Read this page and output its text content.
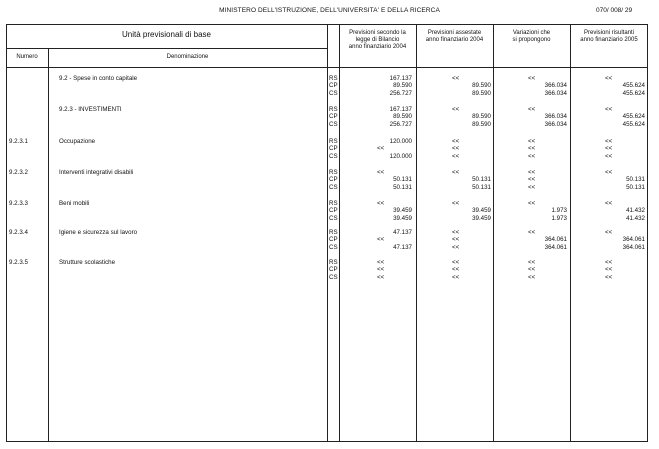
MINISTERO DELL'ISTRUZIONE, DELL'UNIVERSITA' E DELLA RICERCA	070/ 008/ 29
Unità previsionali di base
Numero	Denominazione
Previsioni secondo la
legge di Bilancio
anno finanziario 2004
Previsioni assestate
anno finanziario 2004
Variazioni che
si propongono
Previsioni risultanti
anno finanziario 2005
9.2 - Spese in conto capitale	RS	167.137	<<	<<	<<
CP	89.590	89.590	366.034	455.624
CS	256.727	89.590	366.034	455.624
9.2.3 - INVESTIMENTI	RS	167.137	<<	<<	<<
CP	89.590	89.590	366.034	455.624
CS	256.727	89.590	366.034	455.624
9.2.3.1	Occupazione	RS	120.000	<<	<<	<<
CP	<<	<<	<<	<<
CS	120.000	<<	<<	<<
9.2.3.2	Interventi integrativi disabili	RS	<<	<<	<<	<<
CP	50.131	50.131	<<	50.131
CS	50.131	50.131	<<	50.131
9.2.3.3	Beni mobili	RS	<<	<<	<<	<<
CP	39.459	39.459	1.973	41.432
CS	39.459	39.459	1.973	41.432
9.2.3.4	Igiene e sicurezza sul lavoro	RS	47.137	<<	<<	<<
CP	<<	<<	364.061	364.061
CS	47.137	<<	364.061	364.061
9.2.3.5	Strutture scolastiche	RS	<<	<<	<<	<<
CP	<<	<<	<<	<<
CS	<<	<<	<<	<<
